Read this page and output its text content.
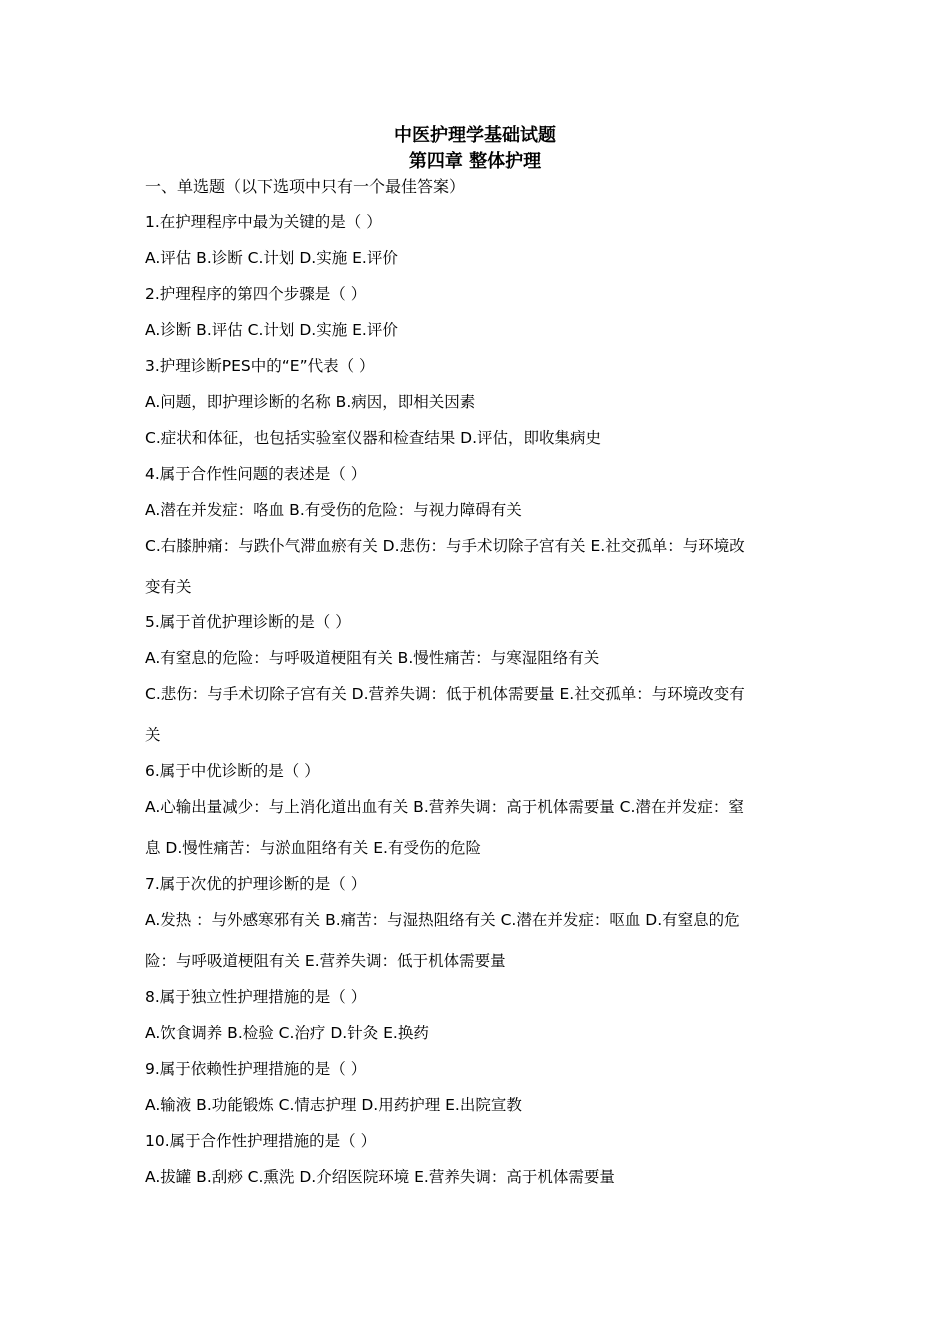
中医护理学基础试题
第四章 整体护理
一、单选题（以下选项中只有一个最佳答案）
1.在护理程序中最为关键的是（ ）
A.评估 B.诊断 C.计划 D.实施 E.评价
2.护理程序的第四个步骤是（ ）
A.诊断 B.评估 C.计划 D.实施 E.评价
3.护理诊断PES中的“E”代表（ ）
A.问题，即护理诊断的名称 B.病因，即相关因素
C.症状和体征，也包括实验室仪器和检查结果 D.评估，即收集病史
4.属于合作性问题的表述是（ ）
A.潜在并发症：咯血 B.有受伤的危险：与视力障碍有关
C.右膝肿痛：与跌仆气滞血瘀有关 D.悲伤：与手术切除子宫有关 E.社交孤单：与环境改
变有关
5.属于首优护理诊断的是（ ）
A.有窒息的危险：与呼吸道梗阻有关 B.慢性痛苦：与寒湿阻络有关
C.悲伤：与手术切除子宫有关 D.营养失调：低于机体需要量 E.社交孤单：与环境改变有
关
6.属于中优诊断的是（ ）
A.心输出量减少：与上消化道出血有关 B.营养失调：高于机体需要量 C.潜在并发症：窒
息 D.慢性痛苦：与淤血阻络有关 E.有受伤的危险
7.属于次优的护理诊断的是（ ）
A.发热 ：与外感寒邪有关 B.痛苦：与湿热阻络有关 C.潜在并发症：呕血 D.有窒息的危
险：与呼吸道梗阻有关 E.营养失调：低于机体需要量
8.属于独立性护理措施的是（ ）
A.饮食调养 B.检验 C.治疗 D.针灸 E.换药
9.属于依赖性护理措施的是（ ）
A.输液 B.功能锻炼 C.情志护理 D.用药护理 E.出院宣教
10.属于合作性护理措施的是（ ）
A.拔罐 B.刮痧 C.熏洗 D.介绍医院环境 E.营养失调：高于机体需要量
